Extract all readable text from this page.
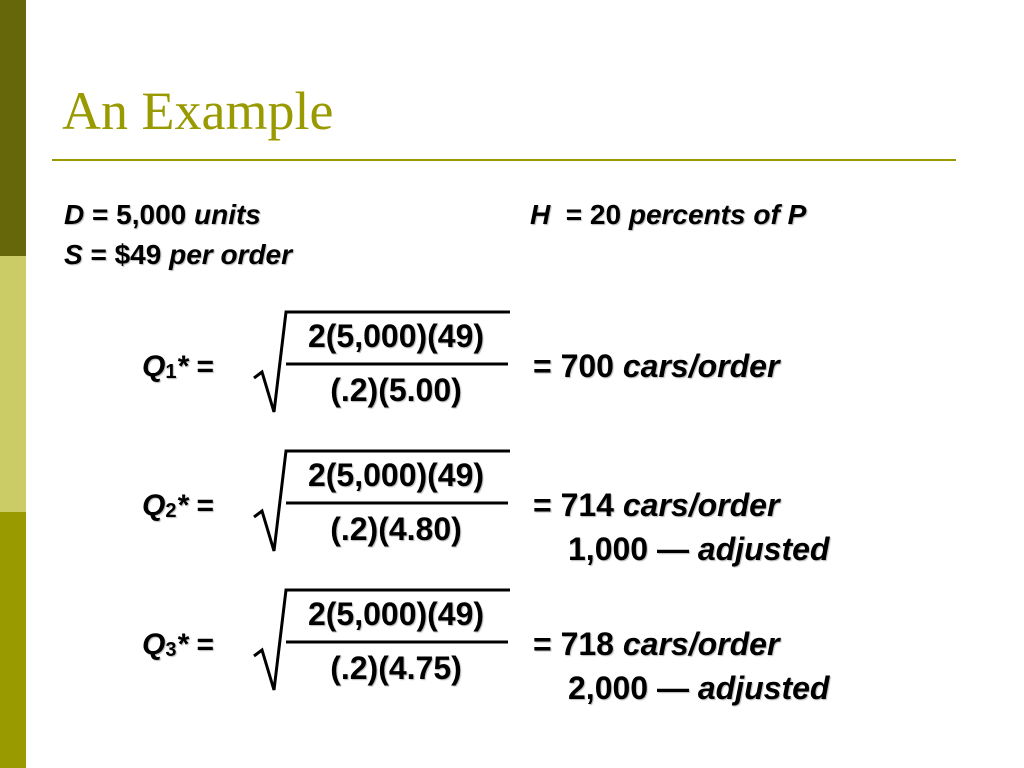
An Example
D = 5,000 units
S = $49 per order
H  = 20 percents of P
$Q_1*$ =
2(5,000)(49)
(.2)(5.00)
= 700 cars/order
$Q_2*$ =
2(5,000)(49)
(.2)(4.80)
= 714 cars/order
1,000 — adjusted
$Q_3*$ =
2(5,000)(49)
(.2)(4.75)
= 718 cars/order
2,000 — adjusted
